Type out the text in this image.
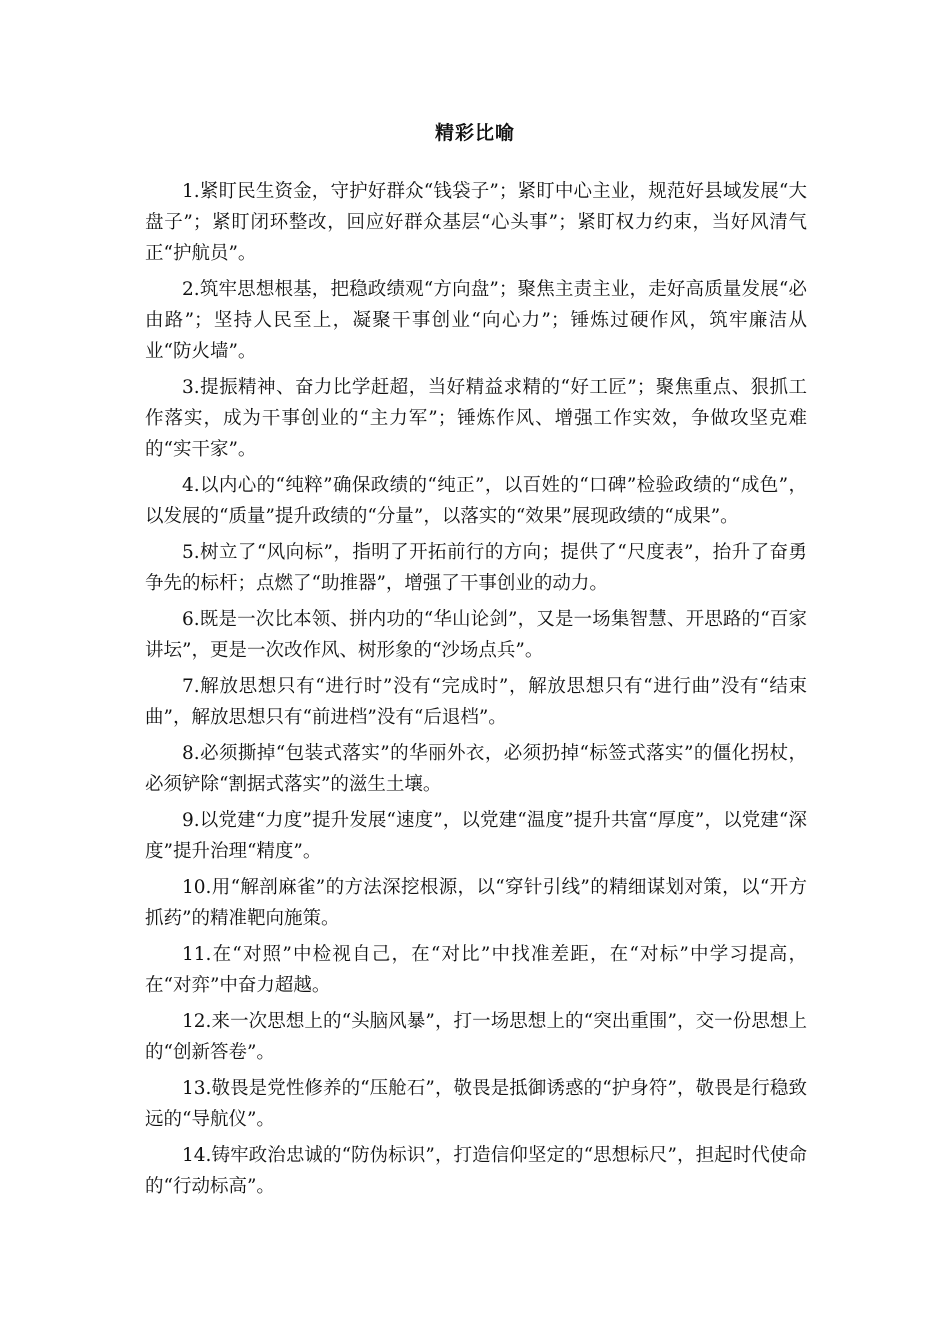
精彩比喻

1.紧盯民生资金，守护好群众“钱袋子”；紧盯中心主业，规范好县域发展“大盘子”；紧盯闭环整改，回应好群众基层“心头事”；紧盯权力约束，当好风清气正“护航员”。

2.筑牢思想根基，把稳政绩观“方向盘”；聚焦主责主业，走好高质量发展“必由路”；坚持人民至上，凝聚干事创业“向心力”；锤炼过硬作风，筑牢廉洁从业“防火墙”。

3.提振精神、奋力比学赶超，当好精益求精的“好工匠”；聚焦重点、狠抓工作落实，成为干事创业的“主力军”；锤炼作风、增强工作实效，争做攻坚克难的“实干家”。

4.以内心的“纯粹”确保政绩的“纯正”，以百姓的“口碑”检验政绩的“成色”，以发展的“质量”提升政绩的“分量”，以落实的“效果”展现政绩的“成果”。

5.树立了“风向标”，指明了开拓前行的方向；提供了“尺度表”，抬升了奋勇争先的标杆；点燃了“助推器”，增强了干事创业的动力。

6.既是一次比本领、拼内功的“华山论剑”，又是一场集智慧、开思路的“百家讲坛”，更是一次改作风、树形象的“沙场点兵”。

7.解放思想只有“进行时”没有“完成时”，解放思想只有“进行曲”没有“结束曲”，解放思想只有“前进档”没有“后退档”。

8.必须撕掉“包装式落实”的华丽外衣，必须扔掉“标签式落实”的僵化拐杖，必须铲除“割据式落实”的滋生土壤。

9.以党建“力度”提升发展“速度”，以党建“温度”提升共富“厚度”，以党建“深度”提升治理“精度”。

10.用“解剖麻雀”的方法深挖根源，以“穿针引线”的精细谋划对策，以“开方抓药”的精准靶向施策。

11.在“对照”中检视自己，在“对比”中找准差距，在“对标”中学习提高，在“对弈”中奋力超越。

12.来一次思想上的“头脑风暴”，打一场思想上的“突出重围”，交一份思想上的“创新答卷”。

13.敬畏是党性修养的“压舱石”，敬畏是抵御诱惑的“护身符”，敬畏是行稳致远的“导航仪”。

14.铸牢政治忠诚的“防伪标识”，打造信仰坚定的“思想标尺”，担起时代使命的“行动标高”。
